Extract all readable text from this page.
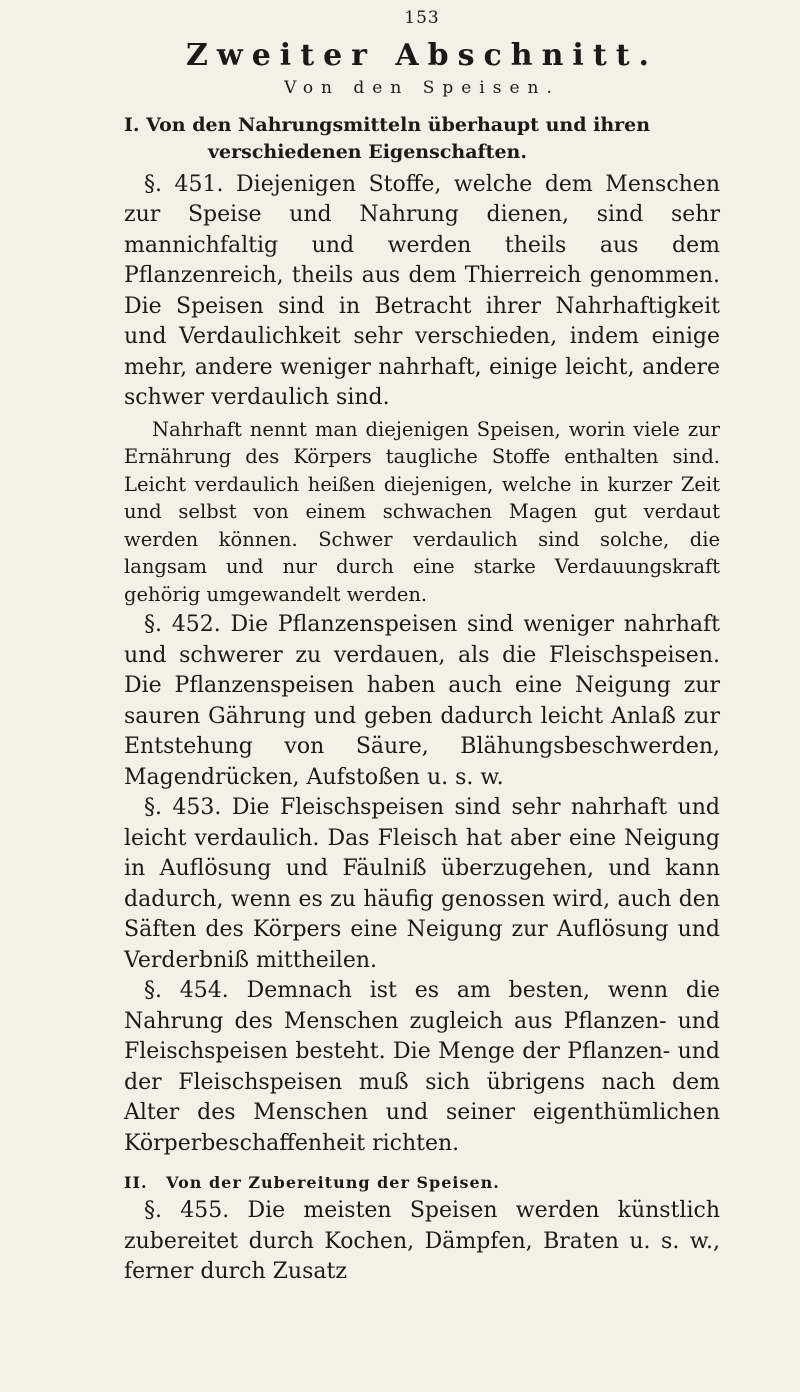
153
Zweiter Abschnitt.
Von den Speisen.
I. Von den Nahrungsmitteln überhaupt und ihren
verschiedenen Eigenschaften.

§. 451. Diejenigen Stoffe, welche dem Menschen zur Speise und Nahrung dienen, sind sehr mannichfaltig und werden theils aus dem Pflanzenreich, theils aus dem Thierreich genommen. Die Speisen sind in Betracht ihrer Nahrhaftigkeit und Verdaulichkeit sehr verschieden, indem einige mehr, andere weniger nahrhaft, einige leicht, andere schwer verdaulich sind.

Nahrhaft nennt man diejenigen Speisen, worin viele zur Ernährung des Körpers taugliche Stoffe enthalten sind. Leicht verdaulich heißen diejenigen, welche in kurzer Zeit und selbst von einem schwachen Magen gut verdaut werden können. Schwer verdaulich sind solche, die langsam und nur durch eine starke Verdauungskraft gehörig umgewandelt werden.

§. 452. Die Pflanzenspeisen sind weniger nahrhaft und schwerer zu verdauen, als die Fleischspeisen. Die Pflanzenspeisen haben auch eine Neigung zur sauren Gährung und geben dadurch leicht Anlaß zur Entstehung von Säure, Blähungsbeschwerden, Magendrücken, Aufstoßen u. s. w.

§. 453. Die Fleischspeisen sind sehr nahrhaft und leicht verdaulich. Das Fleisch hat aber eine Neigung in Auflösung und Fäulniß überzugehen, und kann dadurch, wenn es zu häufig genossen wird, auch den Säften des Körpers eine Neigung zur Auflösung und Verderbniß mittheilen.

§. 454. Demnach ist es am besten, wenn die Nahrung des Menschen zugleich aus Pflanzen- und Fleischspeisen besteht. Die Menge der Pflanzen- und der Fleischspeisen muß sich übrigens nach dem Alter des Menschen und seiner eigenthümlichen Körperbeschaffenheit richten.

II. Von der Zubereitung der Speisen.

§. 455. Die meisten Speisen werden künstlich zubereitet durch Kochen, Dämpfen, Braten u. s. w., ferner durch Zusatz
